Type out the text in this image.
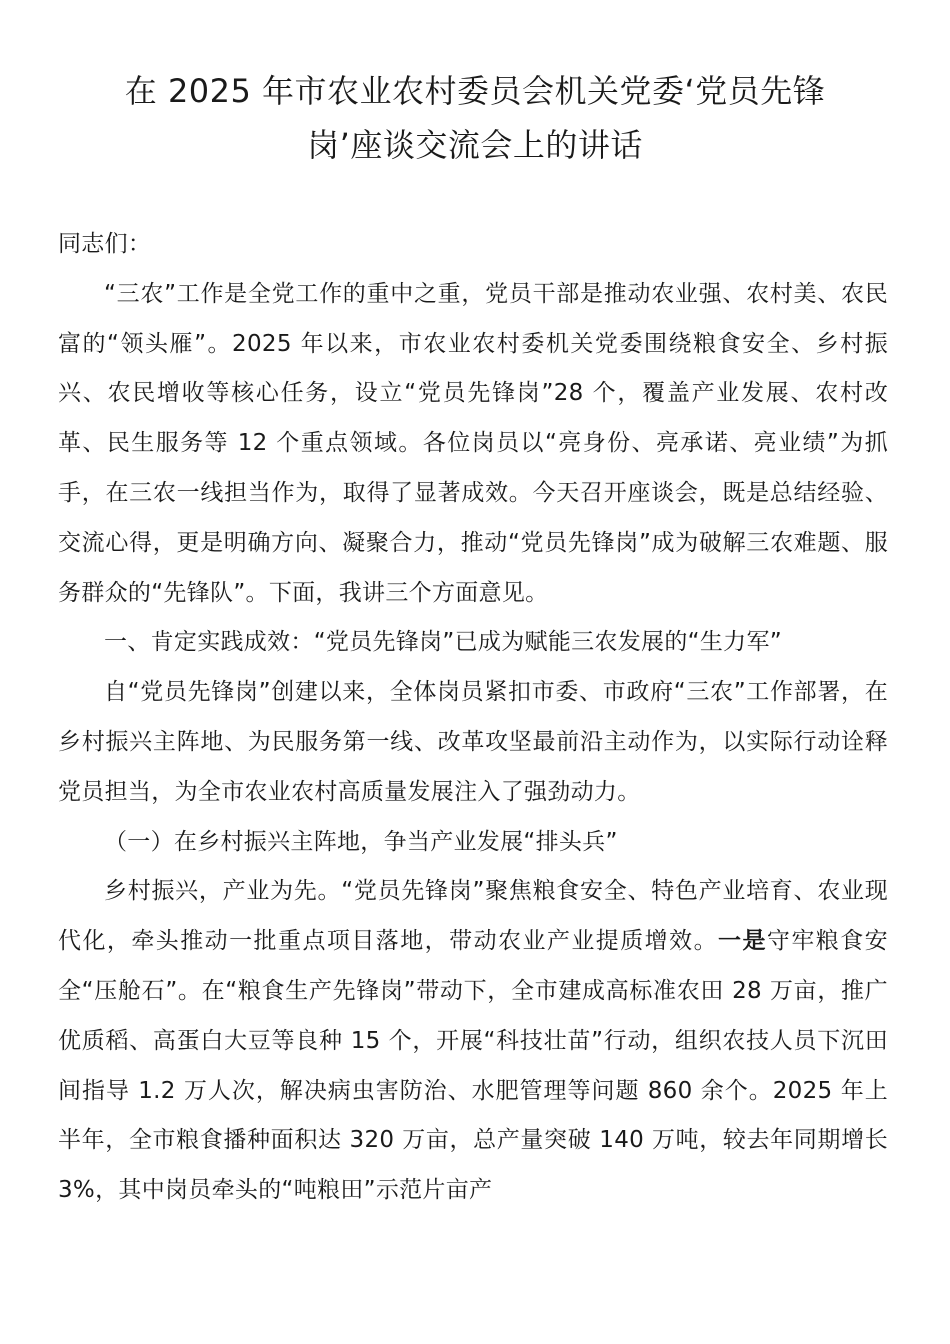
在 2025 年市农业农村委员会机关党委‘党员先锋
岗’座谈交流会上的讲话

同志们：

“三农”工作是全党工作的重中之重，党员干部是推动农业强、农村美、农民富的“领头雁”。2025 年以来，市农业农村委机关党委围绕粮食安全、乡村振兴、农民增收等核心任务，设立“党员先锋岗”28 个，覆盖产业发展、农村改革、民生服务等 12 个重点领域。各位岗员以“亮身份、亮承诺、亮业绩”为抓手，在三农一线担当作为，取得了显著成效。今天召开座谈会，既是总结经验、交流心得，更是明确方向、凝聚合力，推动“党员先锋岗”成为破解三农难题、服务群众的“先锋队”。下面，我讲三个方面意见。

一、肯定实践成效：“党员先锋岗”已成为赋能三农发展的“生力军”

自“党员先锋岗”创建以来，全体岗员紧扣市委、市政府“三农”工作部署，在乡村振兴主阵地、为民服务第一线、改革攻坚最前沿主动作为，以实际行动诠释党员担当，为全市农业农村高质量发展注入了强劲动力。

（一）在乡村振兴主阵地，争当产业发展“排头兵”

乡村振兴，产业为先。“党员先锋岗”聚焦粮食安全、特色产业培育、农业现代化，牵头推动一批重点项目落地，带动农业产业提质增效。一是守牢粮食安全“压舱石”。在“粮食生产先锋岗”带动下，全市建成高标准农田 28 万亩，推广优质稻、高蛋白大豆等良种 15 个，开展“科技壮苗”行动，组织农技人员下沉田间指导 1.2 万人次，解决病虫害防治、水肥管理等问题 860 余个。2025 年上半年，全市粮食播种面积达 320 万亩，总产量突破 140 万吨，较去年同期增长 3%，其中岗员牵头的“吨粮田”示范片亩产
